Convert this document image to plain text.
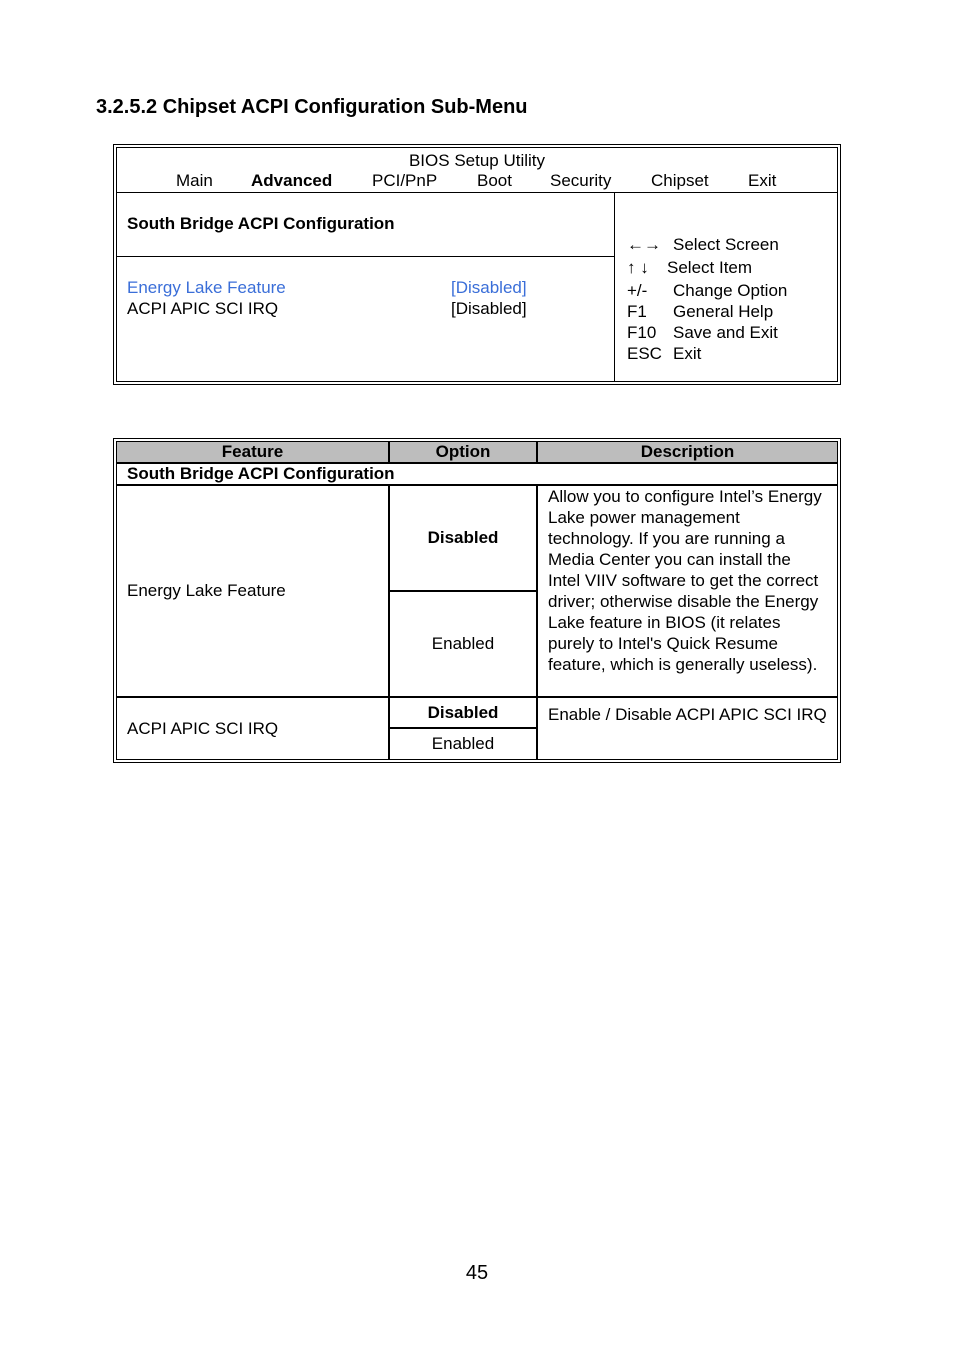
3.2.5.2 Chipset ACPI Configuration Sub-Menu
BIOS Setup Utility
Main Advanced PCI/PnP Boot Security Chipset Exit
South Bridge ACPI Configuration
Energy Lake Feature	[Disabled]
ACPI APIC SCI IRQ	[Disabled]
←→ Select Screen
↑ ↓ Select Item
+/- Change Option
F1 General Help
F10 Save and Exit
ESC Exit
Feature	Option	Description
South Bridge ACPI Configuration		
Energy Lake Feature	Disabled	Allow you to configure Intel’s Energy Lake power management technology. If you are running a Media Center you can install the Intel VIIV software to get the correct driver; otherwise disable the Energy Lake feature in BIOS (it relates purely to Intel's Quick Resume feature, which is generally useless).
	Enabled	
ACPI APIC SCI IRQ	Disabled	Enable / Disable ACPI APIC SCI IRQ
	Enabled	
45
